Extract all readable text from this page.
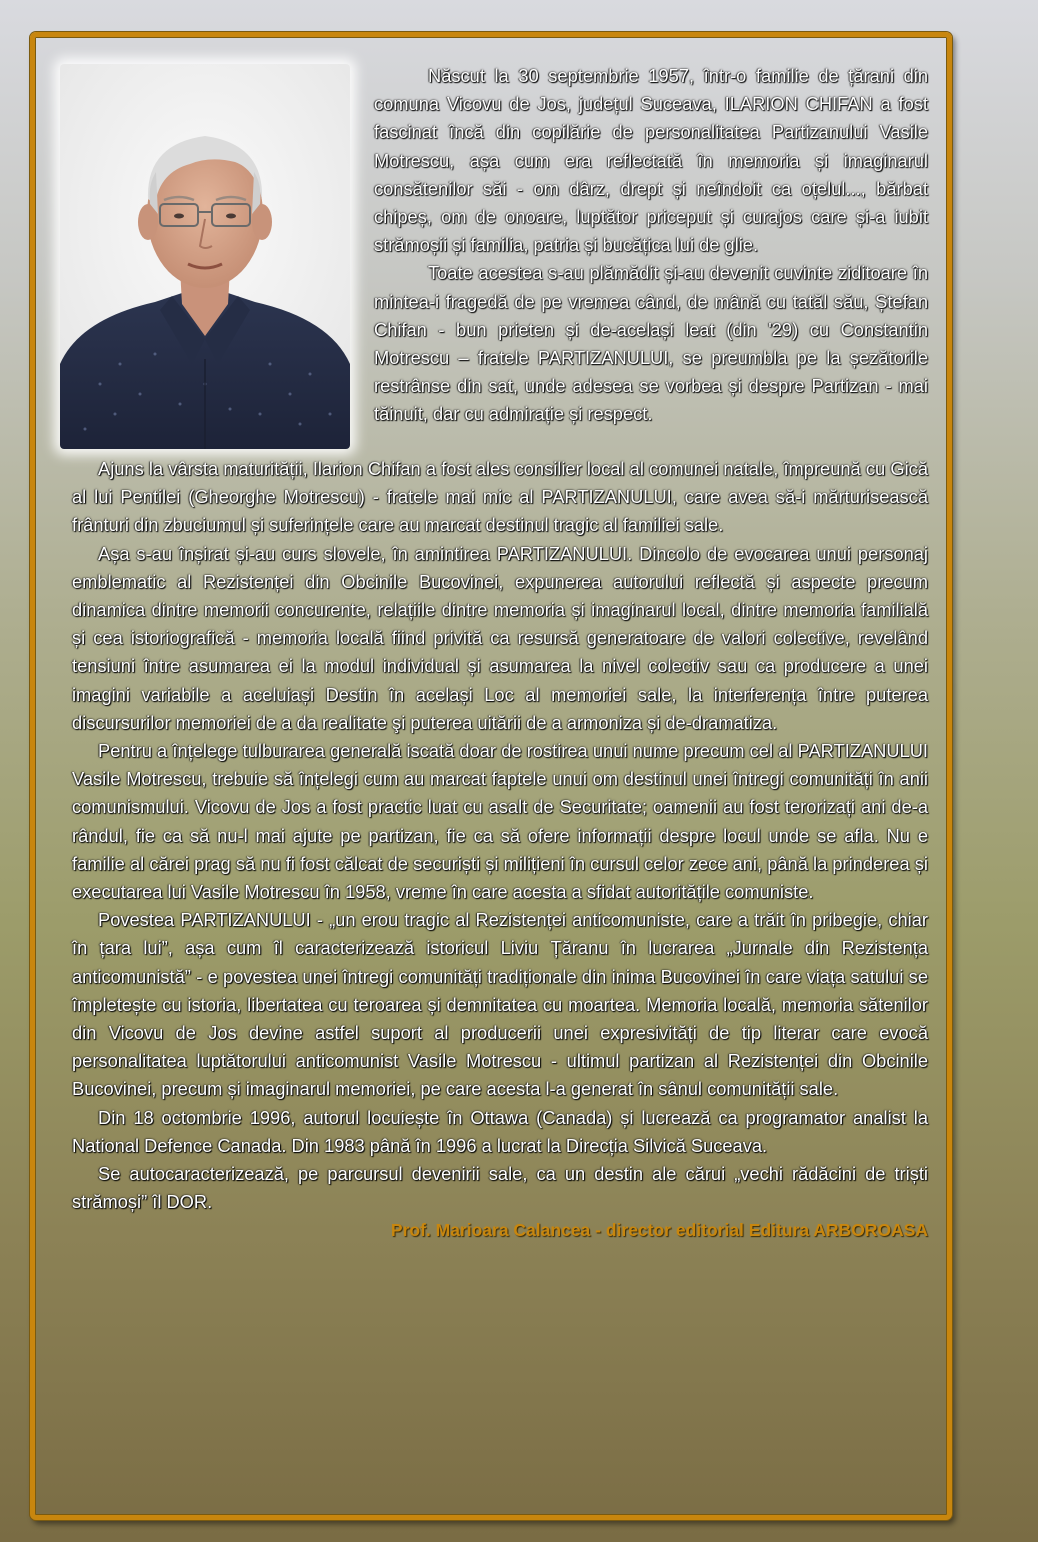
Născut la 30 septembrie 1957, într-o familie de țărani din comuna Vicovu de Jos, județul Suceava, ILARION CHIFAN a fost fascinat încă din copilărie de personalitatea Partizanului Vasile Motrescu, așa cum era reflectată în memoria și imaginarul consătenilor săi - om dârz, drept și neîndoit ca oțelul..., bărbat chipeș, om de onoare, luptător priceput și curajos care și-a iubit strămoșii și familia, patria și bucățica lui de glie.

Toate acestea s-au plămădit și-au devenit cuvinte ziditoare în mintea-i fragedă de pe vremea când, de mână cu tatăl său, Ștefan Chifan - bun prieten și de-același leat (din '29) cu Constantin Motrescu – fratele PARTIZANULUI, se preumbla pe la șezătorile restrânse din sat, unde adesea se vorbea și despre Partizan - mai tăinuit, dar cu admirație și respect.

Ajuns la vârsta maturității, Ilarion Chifan a fost ales consilier local al comunei natale, împreună cu Gică al lui Pentilei (Gheorghe Motrescu) - fratele mai mic al PARTIZANULUI, care avea să-i mărturisească frânturi din zbuciumul și suferințele care au marcat destinul tragic al familiei sale.

Așa s-au înșirat și-au curs slovele, în amintirea PARTIZANULUI. Dincolo de evocarea unui personaj emblematic al Rezistenței din Obcinile Bucovinei, expunerea autorului reflectă și aspecte precum dinamica dintre memorii concurente, relațiile dintre memoria și imaginarul local, dintre memoria familială și cea istoriografică - memoria locală fiind privită ca resursă generatoare de valori colective, revelând tensiuni între asumarea ei la modul individual și asumarea la nivel colectiv sau ca producere a unei imagini variabile a aceluiași Destin în același Loc al memoriei sale, la interferența între puterea discursurilor memoriei de a da realitate şi puterea uitării de a armoniza și de-dramatiza.

Pentru a înțelege tulburarea generală iscată doar de rostirea unui nume precum cel al PARTIZANULUI Vasile Motrescu, trebuie să înțelegi cum au marcat faptele unui om destinul unei întregi comunități în anii comunismului. Vicovu de Jos a fost practic luat cu asalt de Securitate; oamenii au fost terorizați ani de-a rândul, fie ca să nu-l mai ajute pe partizan, fie ca să ofere informații despre locul unde se afla. Nu e familie al cărei prag să nu fi fost călcat de securiști și milițieni în cursul celor zece ani, până la prinderea și executarea lui Vasile Motrescu în 1958, vreme în care acesta a sfidat autoritățile comuniste.

Povestea PARTIZANULUI - „un erou tragic al Rezistenței anticomuniste, care a trăit în pribegie, chiar în țara lui”, așa cum îl caracterizează istoricul Liviu Țăranu în lucrarea „Jurnale din Rezistența anticomunistă” - e povestea unei întregi comunități tradiționale din inima Bucovinei în care viața satului se împletește cu istoria, libertatea cu teroarea și demnitatea cu moartea. Memoria locală, memoria sătenilor din Vicovu de Jos devine astfel suport al producerii unei expresivități de tip literar care evocă personalitatea luptătorului anticomunist Vasile Motrescu - ultimul partizan al Rezistenței din Obcinile Bucovinei, precum și imaginarul memoriei, pe care acesta l-a generat în sânul comunității sale.

Din 18 octombrie 1996, autorul locuiește în Ottawa (Canada) și lucrează ca programator analist la National Defence Canada. Din 1983 până în 1996 a lucrat la Direcția Silvică Suceava.

Se autocaracterizează, pe parcursul devenirii sale, ca un destin ale cărui „vechi rădăcini de triști strămoși” îl DOR.

Prof. Marioara Calancea - director editorial Editura ARBOROASA
